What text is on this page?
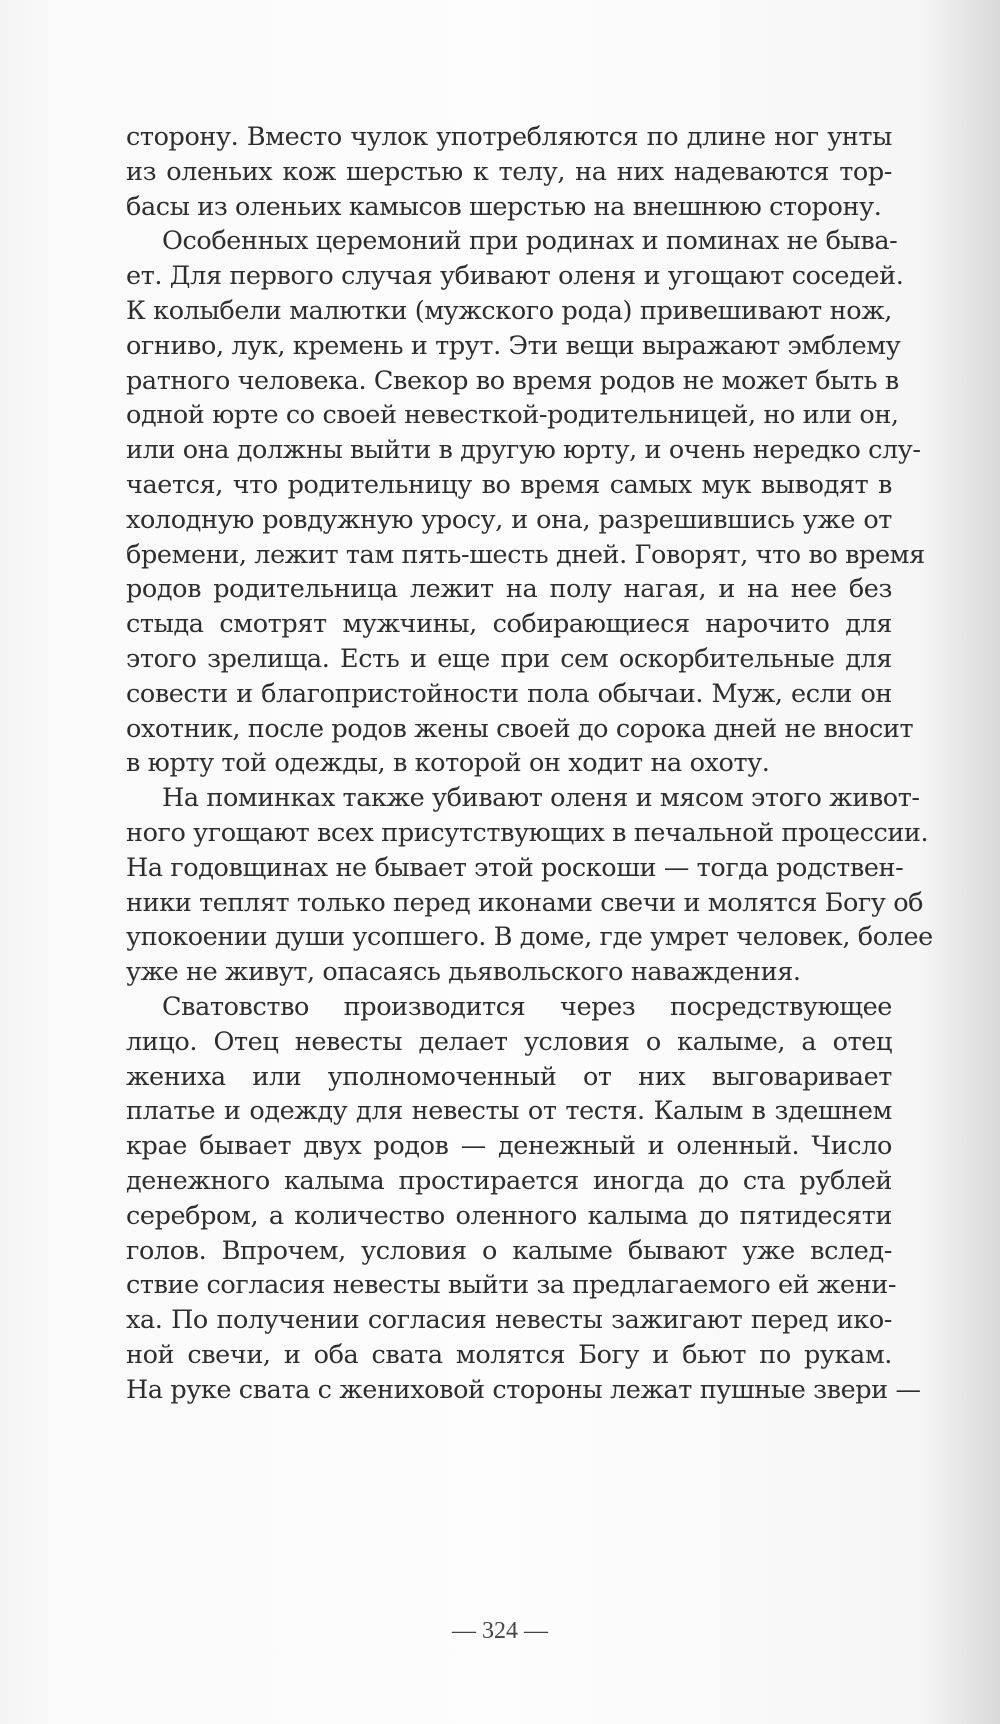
сторону. Вместо чулок употребляются по длине ног унты
из оленьих кож шерстью к телу, на них надеваются тор-
басы из оленьих камысов шерстью на внешнюю сторону.
Особенных церемоний при родинах и поминах не быва-
ет. Для первого случая убивают оленя и угощают соседей.
К колыбели малютки (мужского рода) привешивают нож,
огниво, лук, кремень и трут. Эти вещи выражают эмблему
ратного человека. Свекор во время родов не может быть в
одной юрте со своей невесткой-родительницей, но или он,
или она должны выйти в другую юрту, и очень нередко слу-
чается, что родительницу во время самых мук выводят в
холодную ровдужную уросу, и она, разрешившись уже от
бремени, лежит там пять-шесть дней. Говорят, что во время
родов родительница лежит на полу нагая, и на нее без
стыда смотрят мужчины, собирающиеся нарочито для
этого зрелища. Есть и еще при сем оскорбительные для
совести и благопристойности пола обычаи. Муж, если он
охотник, после родов жены своей до сорока дней не вносит
в юрту той одежды, в которой он ходит на охоту.
На поминках также убивают оленя и мясом этого живот-
ного угощают всех присутствующих в печальной процессии.
На годовщинах не бывает этой роскоши — тогда родствен-
ники теплят только перед иконами свечи и молятся Богу об
упокоении души усопшего. В доме, где умрет человек, более
уже не живут, опасаясь дьявольского наваждения.
Сватовство производится через посредствующее
лицо. Отец невесты делает условия о калыме, а отец
жениха или уполномоченный от них выговаривает
платье и одежду для невесты от тестя. Калым в здешнем
крае бывает двух родов — денежный и оленный. Число
денежного калыма простирается иногда до ста рублей
серебром, а количество оленного калыма до пятидесяти
голов. Впрочем, условия о калыме бывают уже вслед-
ствие согласия невесты выйти за предлагаемого ей жени-
ха. По получении согласия невесты зажигают перед ико-
ной свечи, и оба свата молятся Богу и бьют по рукам.
На руке свата с жениховой стороны лежат пушные звери —
— 324 —
